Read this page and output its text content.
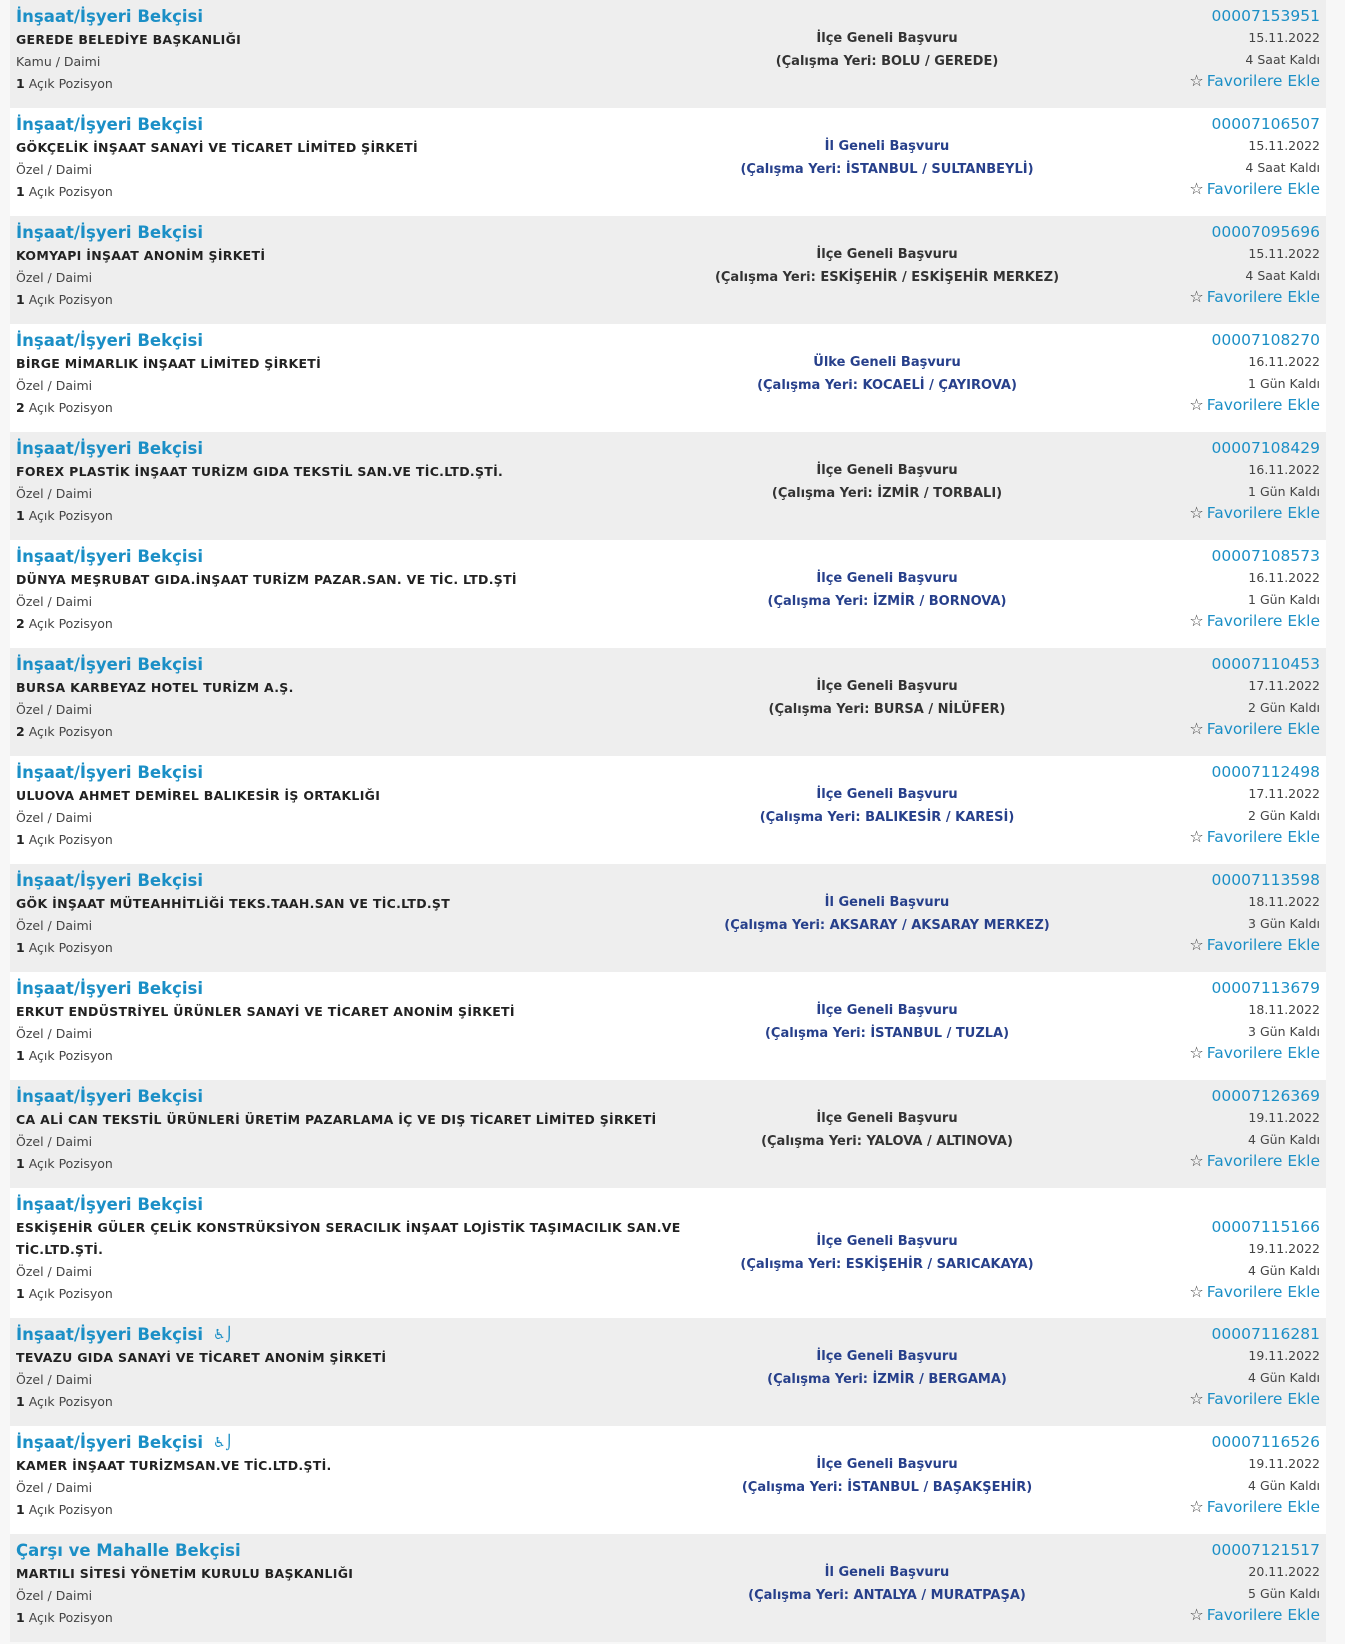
İnşaat/İşyeri Bekçisi
GEREDE BELEDİYE BAŞKANLIĞI
Kamu / Daimi
1 Açık Pozisyon
İlçe Geneli Başvuru
(Çalışma Yeri: BOLU / GEREDE)
00007153951
15.11.2022
4 Saat Kaldı
☆ Favorilere Ekle
İnşaat/İşyeri Bekçisi
GÖKÇELİK İNŞAAT SANAYİ VE TİCARET LİMİTED ŞİRKETİ
Özel / Daimi
1 Açık Pozisyon
İl Geneli Başvuru
(Çalışma Yeri: İSTANBUL / SULTANBEYLİ)
00007106507
15.11.2022
4 Saat Kaldı
☆ Favorilere Ekle
İnşaat/İşyeri Bekçisi
KOMYAPI İNŞAAT ANONİM ŞİRKETİ
Özel / Daimi
1 Açık Pozisyon
İlçe Geneli Başvuru
(Çalışma Yeri: ESKİŞEHİR / ESKİŞEHİR MERKEZ)
00007095696
15.11.2022
4 Saat Kaldı
☆ Favorilere Ekle
İnşaat/İşyeri Bekçisi
BİRGE MİMARLIK İNŞAAT LİMİTED ŞİRKETİ
Özel / Daimi
2 Açık Pozisyon
Ülke Geneli Başvuru
(Çalışma Yeri: KOCAELİ / ÇAYIROVA)
00007108270
16.11.2022
1 Gün Kaldı
☆ Favorilere Ekle
İnşaat/İşyeri Bekçisi
FOREX PLASTİK İNŞAAT TURİZM GIDA TEKSTİL SAN.VE TİC.LTD.ŞTİ.
Özel / Daimi
1 Açık Pozisyon
İlçe Geneli Başvuru
(Çalışma Yeri: İZMİR / TORBALI)
00007108429
16.11.2022
1 Gün Kaldı
☆ Favorilere Ekle
İnşaat/İşyeri Bekçisi
DÜNYA MEŞRUBAT GIDA.İNŞAAT TURİZM PAZAR.SAN. VE TİC. LTD.ŞTİ
Özel / Daimi
2 Açık Pozisyon
İlçe Geneli Başvuru
(Çalışma Yeri: İZMİR / BORNOVA)
00007108573
16.11.2022
1 Gün Kaldı
☆ Favorilere Ekle
İnşaat/İşyeri Bekçisi
BURSA KARBEYAZ HOTEL TURİZM A.Ş.
Özel / Daimi
2 Açık Pozisyon
İlçe Geneli Başvuru
(Çalışma Yeri: BURSA / NİLÜFER)
00007110453
17.11.2022
2 Gün Kaldı
☆ Favorilere Ekle
İnşaat/İşyeri Bekçisi
ULUOVA AHMET DEMİREL BALIKESİR İŞ ORTAKLIĞI
Özel / Daimi
1 Açık Pozisyon
İlçe Geneli Başvuru
(Çalışma Yeri: BALIKESİR / KARESİ)
00007112498
17.11.2022
2 Gün Kaldı
☆ Favorilere Ekle
İnşaat/İşyeri Bekçisi
GÖK İNŞAAT MÜTEAHHİTLİĞİ TEKS.TAAH.SAN VE TİC.LTD.ŞT
Özel / Daimi
1 Açık Pozisyon
İl Geneli Başvuru
(Çalışma Yeri: AKSARAY / AKSARAY MERKEZ)
00007113598
18.11.2022
3 Gün Kaldı
☆ Favorilere Ekle
İnşaat/İşyeri Bekçisi
ERKUT ENDÜSTRİYEL ÜRÜNLER SANAYİ VE TİCARET ANONİM ŞİRKETİ
Özel / Daimi
1 Açık Pozisyon
İlçe Geneli Başvuru
(Çalışma Yeri: İSTANBUL / TUZLA)
00007113679
18.11.2022
3 Gün Kaldı
☆ Favorilere Ekle
İnşaat/İşyeri Bekçisi
CA ALİ CAN TEKSTİL ÜRÜNLERİ ÜRETİM PAZARLAMA İÇ VE DIŞ TİCARET LİMİTED ŞİRKETİ
Özel / Daimi
1 Açık Pozisyon
İlçe Geneli Başvuru
(Çalışma Yeri: YALOVA / ALTINOVA)
00007126369
19.11.2022
4 Gün Kaldı
☆ Favorilere Ekle
İnşaat/İşyeri Bekçisi
ESKİŞEHİR GÜLER ÇELİK KONSTRÜKSİYON SERACILIK İNŞAAT LOJİSTİK TAŞIMACILIK SAN.VE TİC.LTD.ŞTİ.
Özel / Daimi
1 Açık Pozisyon
İlçe Geneli Başvuru
(Çalışma Yeri: ESKİŞEHİR / SARICAKAYA)
00007115166
19.11.2022
4 Gün Kaldı
☆ Favorilere Ekle
İnşaat/İşyeri Bekçisi ♿⌡
TEVAZU GIDA SANAYİ VE TİCARET ANONİM ŞİRKETİ
Özel / Daimi
1 Açık Pozisyon
İlçe Geneli Başvuru
(Çalışma Yeri: İZMİR / BERGAMA)
00007116281
19.11.2022
4 Gün Kaldı
☆ Favorilere Ekle
İnşaat/İşyeri Bekçisi ♿⌡
KAMER İNŞAAT TURİZMSAN.VE TİC.LTD.ŞTİ.
Özel / Daimi
1 Açık Pozisyon
İlçe Geneli Başvuru
(Çalışma Yeri: İSTANBUL / BAŞAKŞEHİR)
00007116526
19.11.2022
4 Gün Kaldı
☆ Favorilere Ekle
Çarşı ve Mahalle Bekçisi
MARTILI SİTESİ YÖNETİM KURULU BAŞKANLIĞI
Özel / Daimi
1 Açık Pozisyon
İl Geneli Başvuru
(Çalışma Yeri: ANTALYA / MURATPAŞA)
00007121517
20.11.2022
5 Gün Kaldı
☆ Favorilere Ekle
